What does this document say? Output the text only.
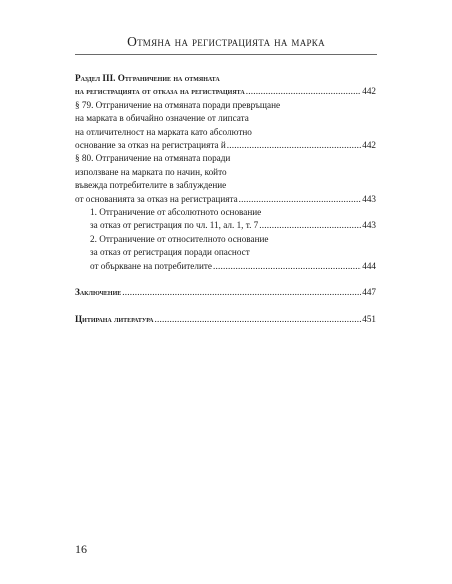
Отмяна на регистрацията на марка
Раздел III. Отграничение на отмяната
на регистрацията от отказа на регистрацията .....	442
§ 79. Отграничение на отмяната поради превръщане
на марката в обичайно означение от липсата
на отличителност на марката като абсолютно
основание за отказ на регистрацията й .....	442
§ 80. Отграничение на отмяната поради
използване на марката по начин, който
въвежда потребителите в заблуждение
от основанията за отказ на регистрацията .....	443
1. Отграничение от абсолютното основание
за отказ от регистрация по чл. 11, ал. 1, т. 7 .....	443
2. Отграничение от относителното основание
за отказ от регистрация поради опасност
от объркване на потребителите .....	444
Заключение .....	447
Цитирана литература .....	451
16
